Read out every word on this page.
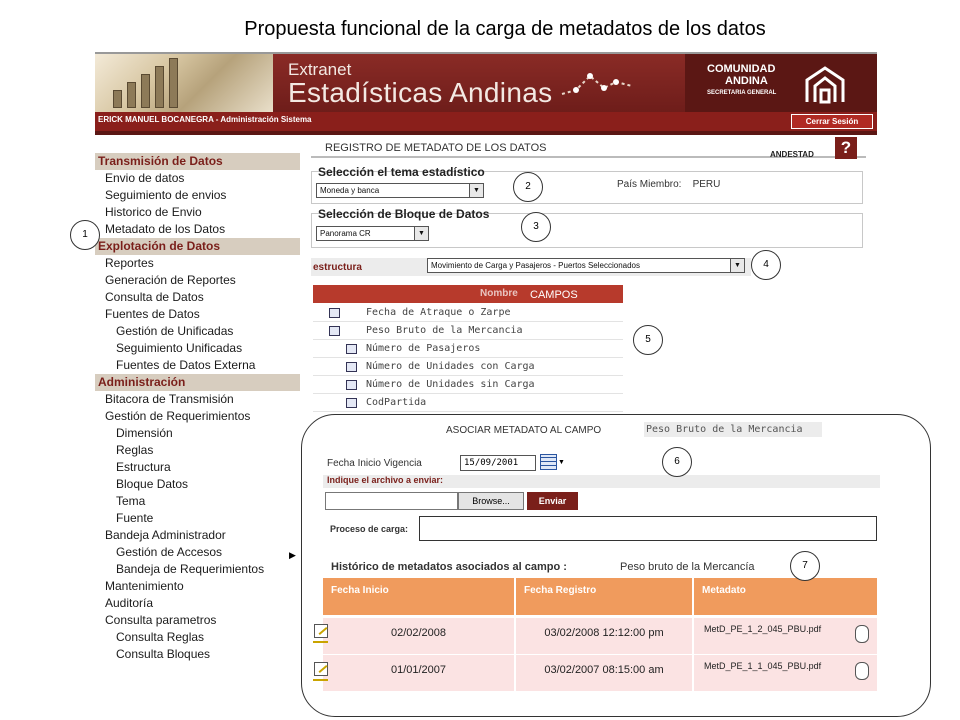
Propuesta funcional de la carga de metadatos de los datos
Extranet
Estadísticas Andinas
COMUNIDAD
ANDINA
SECRETARIA GENERAL
ERICK MANUEL BOCANEGRA - Administración Sistema	Cerrar Sesión
Transmisión de Datos
Envio de datos
Seguimiento de envios
Historico de Envio
Metadato de los Datos
Explotación de Datos
Reportes
Generación de Reportes
Consulta de Datos
Fuentes de Datos
Gestión de Unificadas
Seguimiento Unificadas
Fuentes de Datos Externa
Administración
Bitacora de Transmisión
Gestión de Requerimientos
Dimensión
Reglas
Estructura
Bloque Datos
Tema
Fuente
Bandeja Administrador
Gestión de Accesos
Bandeja de Requerimientos
Mantenimiento
Auditoría
Consulta parametros
Consulta Reglas
Consulta Bloques
▶
REGISTRO DE METADATO DE LOS DATOS
ANDESTAD	?
Selección el tema estadístico
Moneda y banca	▼
País Miembro: PERU
Selección de Bloque de Datos
Panorama CR	▼
estructura	Movimiento de Carga y Pasajeros - Puertos Seleccionados	▼
Nombre CAMPOS
Fecha de Atraque o Zarpe
Peso Bruto de la Mercancia
Número de Pasajeros
Número de Unidades con Carga
Número de Unidades sin Carga
CodPartida
1
2
3
4
5
ASOCIAR METADATO AL CAMPO	Peso Bruto de la Mercancia
Fecha Inicio Vigencia	15/09/2001	▼
Indique el archivo a enviar:
Browse...	Enviar
Proceso de carga:
Histórico de metadatos asociados al campo :	Peso bruto de la Mercancía
Fecha Inicio	Fecha Registro	Metadato
02/02/2008	03/02/2008 12:12:00 pm	MetD_PE_1_2_045_PBU.pdf
01/01/2007	03/02/2007 08:15:00 am	MetD_PE_1_1_045_PBU.pdf
6
7
